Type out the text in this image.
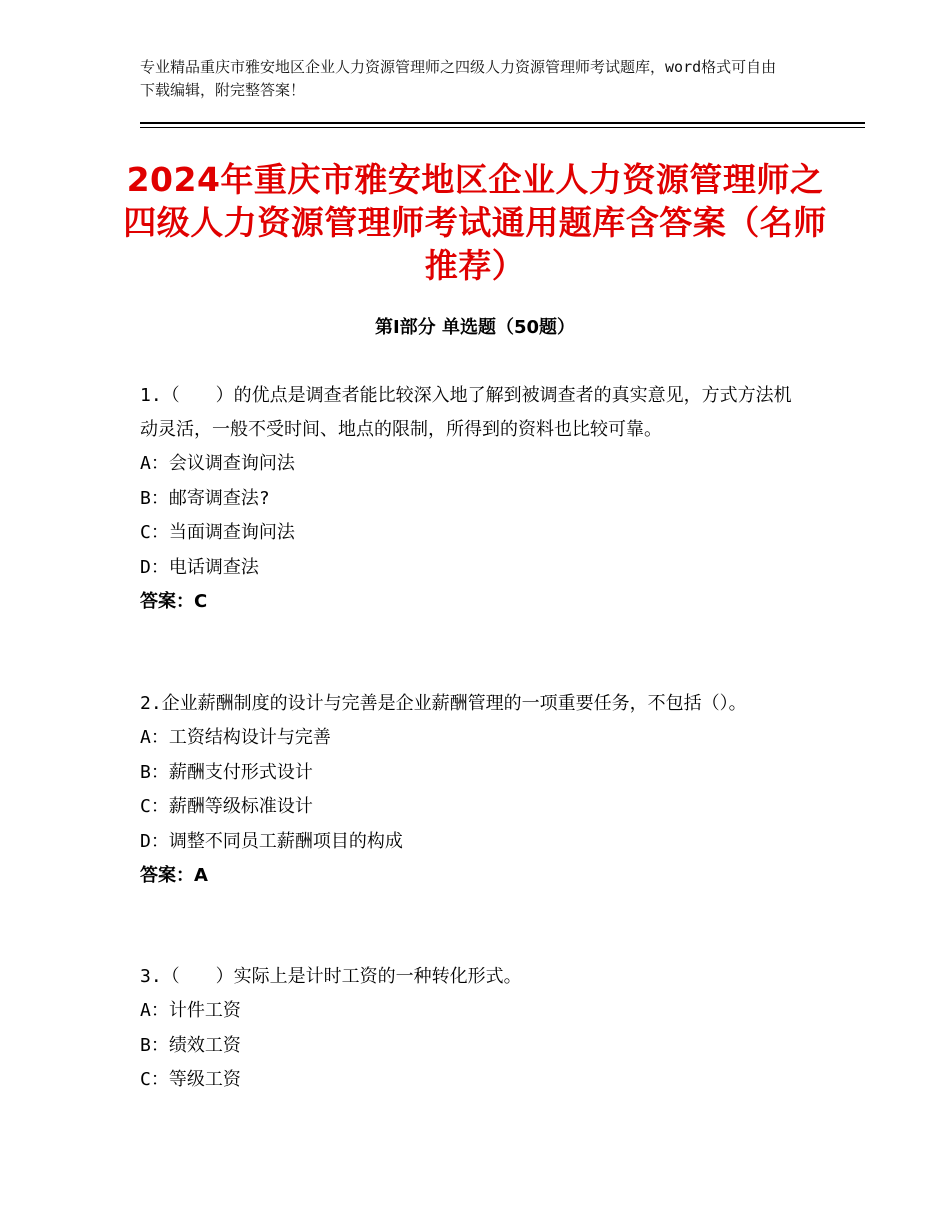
专业精品重庆市雅安地区企业人力资源管理师之四级人力资源管理师考试题库，word格式可自由下载编辑，附完整答案！
2024年重庆市雅安地区企业人力资源管理师之四级人力资源管理师考试通用题库含答案（名师推荐）
第Ⅰ部分 单选题（50题）

1.（　　）的优点是调查者能比较深入地了解到被调查者的真实意见，方式方法机动灵活，一般不受时间、地点的限制，所得到的资料也比较可靠。

A：会议调查询问法

B：邮寄调查法?

C：当面调查询问法

D：电话调查法

答案：C

2.企业薪酬制度的设计与完善是企业薪酬管理的一项重要任务，不包括（）。

A：工资结构设计与完善

B：薪酬支付形式设计

C：薪酬等级标准设计

D：调整不同员工薪酬项目的构成

答案：A

3.（　　）实际上是计时工资的一种转化形式。

A：计件工资

B：绩效工资

C：等级工资
